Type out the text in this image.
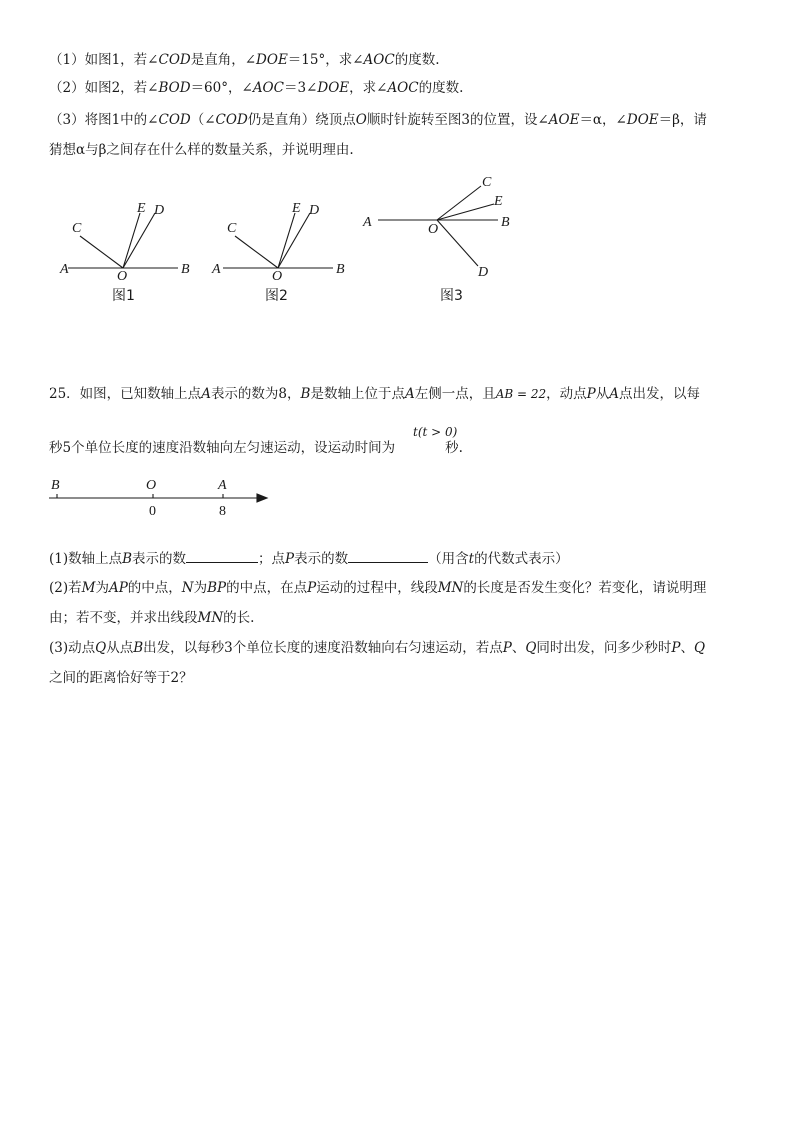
（1）如图1，若∠COD是直角，∠DOE＝15°，求∠AOC的度数.
（2）如图2，若∠BOD＝60°，∠AOC＝3∠DOE，求∠AOC的度数.
（3）将图1中的∠COD（∠COD仍是直角）绕顶点O顺时针旋转至图3的位置，设∠AOE＝α，∠DOE＝β，请
猜想α与β之间存在什么样的数量关系，并说明理由.
A	B
C
E D
O
图1
A	B
C
E D
O
图2
A	B
C
E
D
O
图3
B	O	A
0	8
25．如图，已知数轴上点A表示的数为8，B是数轴上位于点A左侧一点，且AB = 22，动点P从A点出发，以每
t(t > 0)
秒5个单位长度的速度沿数轴向左匀速运动，设运动时间为	秒.
(1)数轴上点B表示的数	；点P表示的数	（用含t的代数式表示）
(2)若M为AP的中点，N为BP的中点，在点P运动的过程中，线段MN的长度是否发生变化？若变化，请说明理
由；若不变，并求出线段MN的长.
(3)动点Q从点B出发，以每秒3个单位长度的速度沿数轴向右匀速运动，若点P、Q同时出发，问多少秒时P、Q
之间的距离恰好等于2？
